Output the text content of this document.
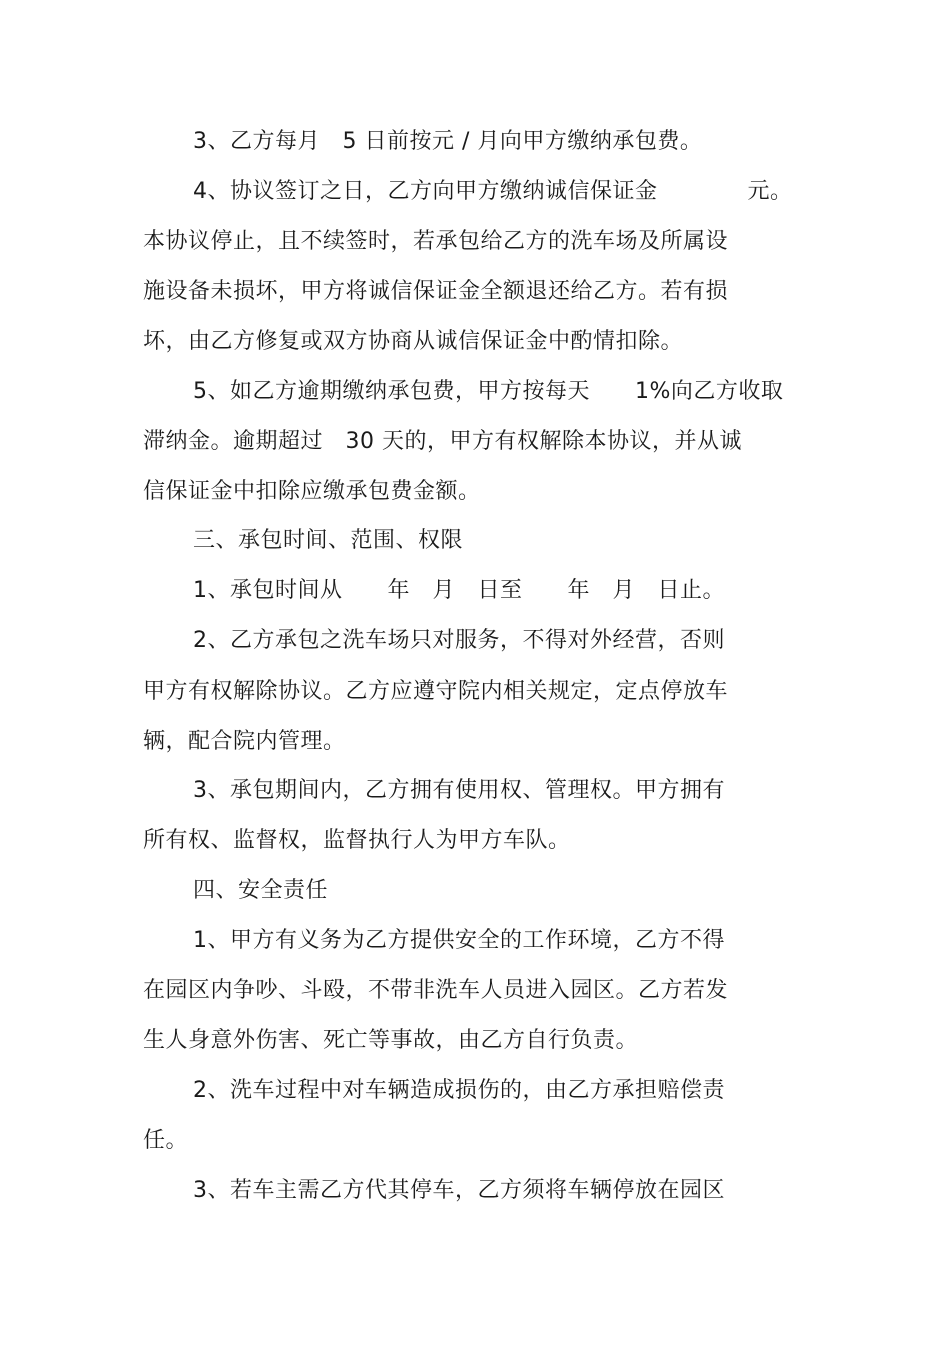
3、乙方每月　5 日前按元 / 月向甲方缴纳承包费。
4、协议签订之日，乙方向甲方缴纳诚信保证金　　　　元。
本协议停止，且不续签时，若承包给乙方的洗车场及所属设
施设备未损坏，甲方将诚信保证金全额退还给乙方。若有损
坏，由乙方修复或双方协商从诚信保证金中酌情扣除。
5、如乙方逾期缴纳承包费，甲方按每天　　1%向乙方收取
滞纳金。逾期超过　30 天的，甲方有权解除本协议，并从诚
信保证金中扣除应缴承包费金额。
三、承包时间、范围、权限
1、承包时间从　　年　月　日至　　年　月　日止。
2、乙方承包之洗车场只对服务，不得对外经营，否则
甲方有权解除协议。乙方应遵守院内相关规定，定点停放车
辆，配合院内管理。
3、承包期间内，乙方拥有使用权、管理权。甲方拥有
所有权、监督权，监督执行人为甲方车队。
四、安全责任
1、甲方有义务为乙方提供安全的工作环境，乙方不得
在园区内争吵、斗殴，不带非洗车人员进入园区。乙方若发
生人身意外伤害、死亡等事故，由乙方自行负责。
2、洗车过程中对车辆造成损伤的，由乙方承担赔偿责
任。
3、若车主需乙方代其停车，乙方须将车辆停放在园区
